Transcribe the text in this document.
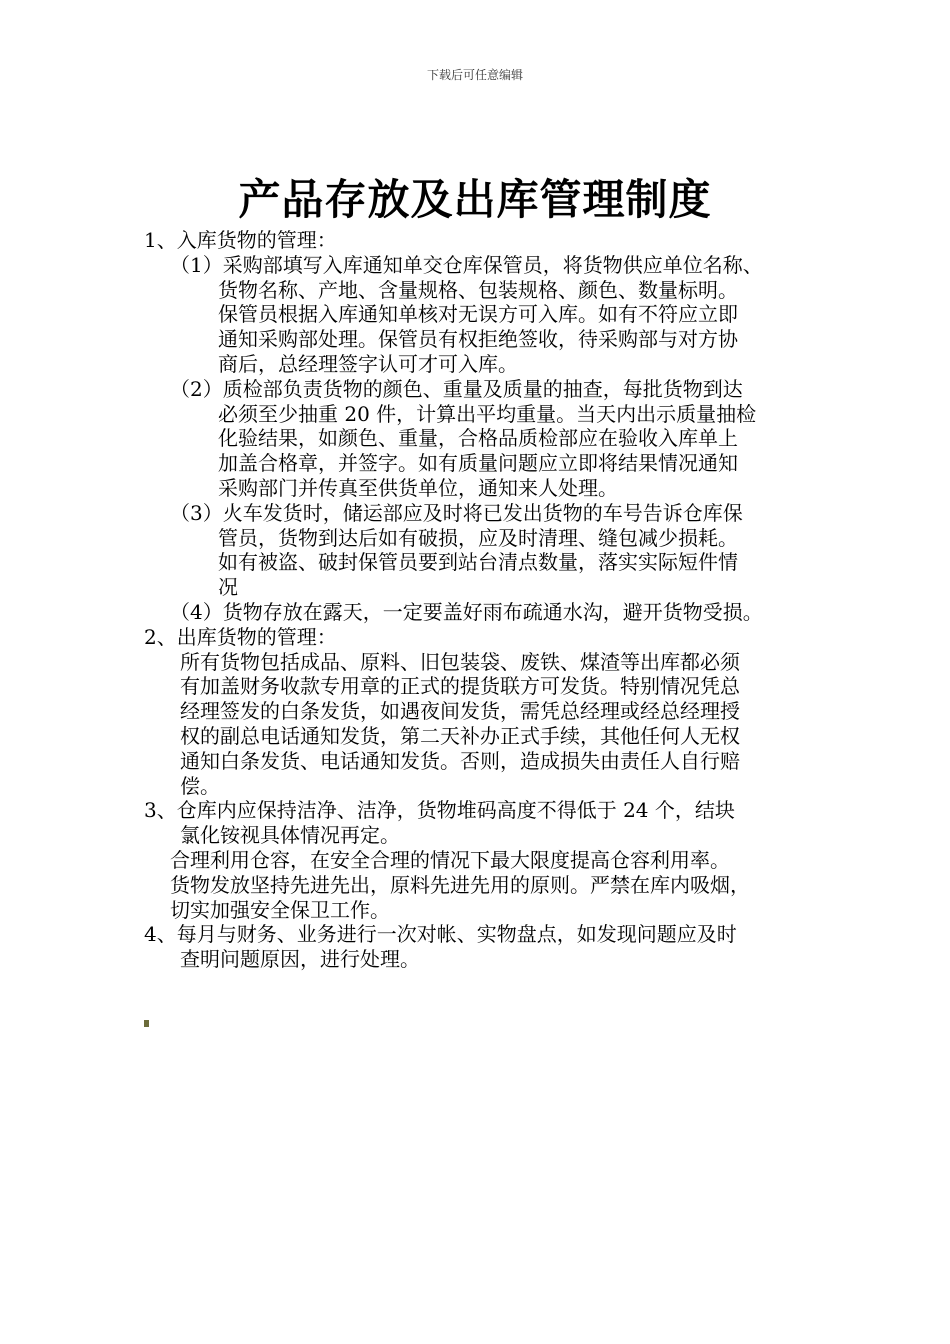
下载后可任意编辑
产品存放及出库管理制度
1、入库货物的管理：
（1）采购部填写入库通知单交仓库保管员，将货物供应单位名称、
货物名称、产地、含量规格、包装规格、颜色、数量标明。
保管员根据入库通知单核对无误方可入库。如有不符应立即
通知采购部处理。保管员有权拒绝签收，待采购部与对方协
商后，总经理签字认可才可入库。
（2）质检部负责货物的颜色、重量及质量的抽查，每批货物到达
必须至少抽重 20 件，计算出平均重量。当天内出示质量抽检
化验结果，如颜色、重量，合格品质检部应在验收入库单上
加盖合格章，并签字。如有质量问题应立即将结果情况通知
采购部门并传真至供货单位，通知来人处理。
（3）火车发货时，储运部应及时将已发出货物的车号告诉仓库保
管员，货物到达后如有破损，应及时清理、缝包减少损耗。
如有被盗、破封保管员要到站台清点数量，落实实际短件情
况
（4）货物存放在露天，一定要盖好雨布疏通水沟，避开货物受损。
2、出库货物的管理：
所有货物包括成品、原料、旧包装袋、废铁、煤渣等出库都必须
有加盖财务收款专用章的正式的提货联方可发货。特别情况凭总
经理签发的白条发货，如遇夜间发货，需凭总经理或经总经理授
权的副总电话通知发货，第二天补办正式手续，其他任何人无权
通知白条发货、电话通知发货。否则，造成损失由责任人自行赔
偿。
3、仓库内应保持洁净、洁净，货物堆码高度不得低于 24 个，结块
氯化铵视具体情况再定。
合理利用仓容，在安全合理的情况下最大限度提高仓容利用率。
货物发放坚持先进先出，原料先进先用的原则。严禁在库内吸烟，
切实加强安全保卫工作。
4、每月与财务、业务进行一次对帐、实物盘点，如发现问题应及时
查明问题原因，进行处理。
